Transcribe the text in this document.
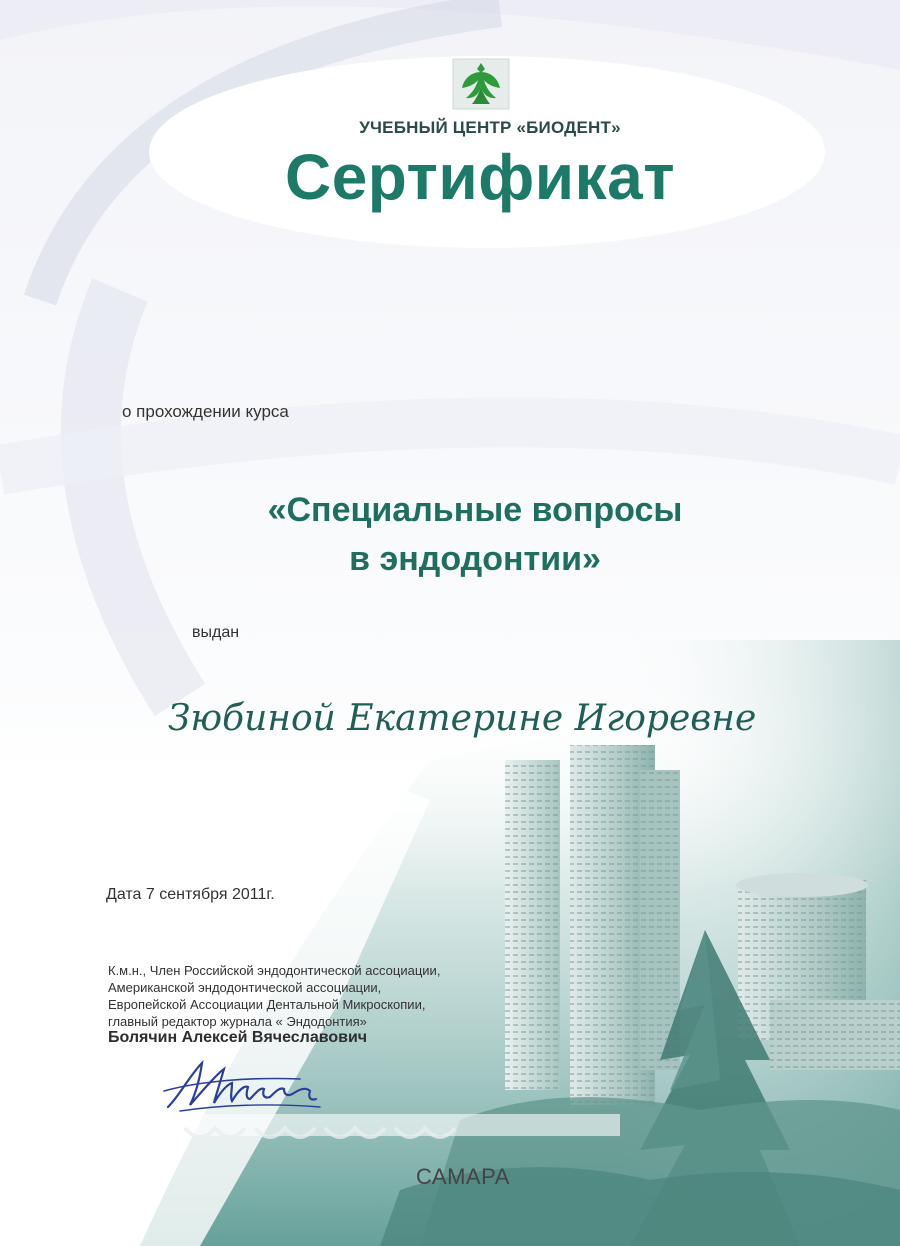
УЧЕБНЫЙ ЦЕНТР «БИОДЕНТ»
Сертификат
о прохождении курса
«Специальные вопросы
в эндодонтии»
выдан
Зюбиной Екатерине Игоревне
Дата 7 сентября 2011г.
К.м.н., Член Российской эндодонтической ассоциации,
Американской эндодонтической ассоциации,
Европейской Ассоциации Дентальной Микроскопии,
главный редактор журнала « Эндодонтия»
Болячин Алексей Вячеславович
САМАРА
